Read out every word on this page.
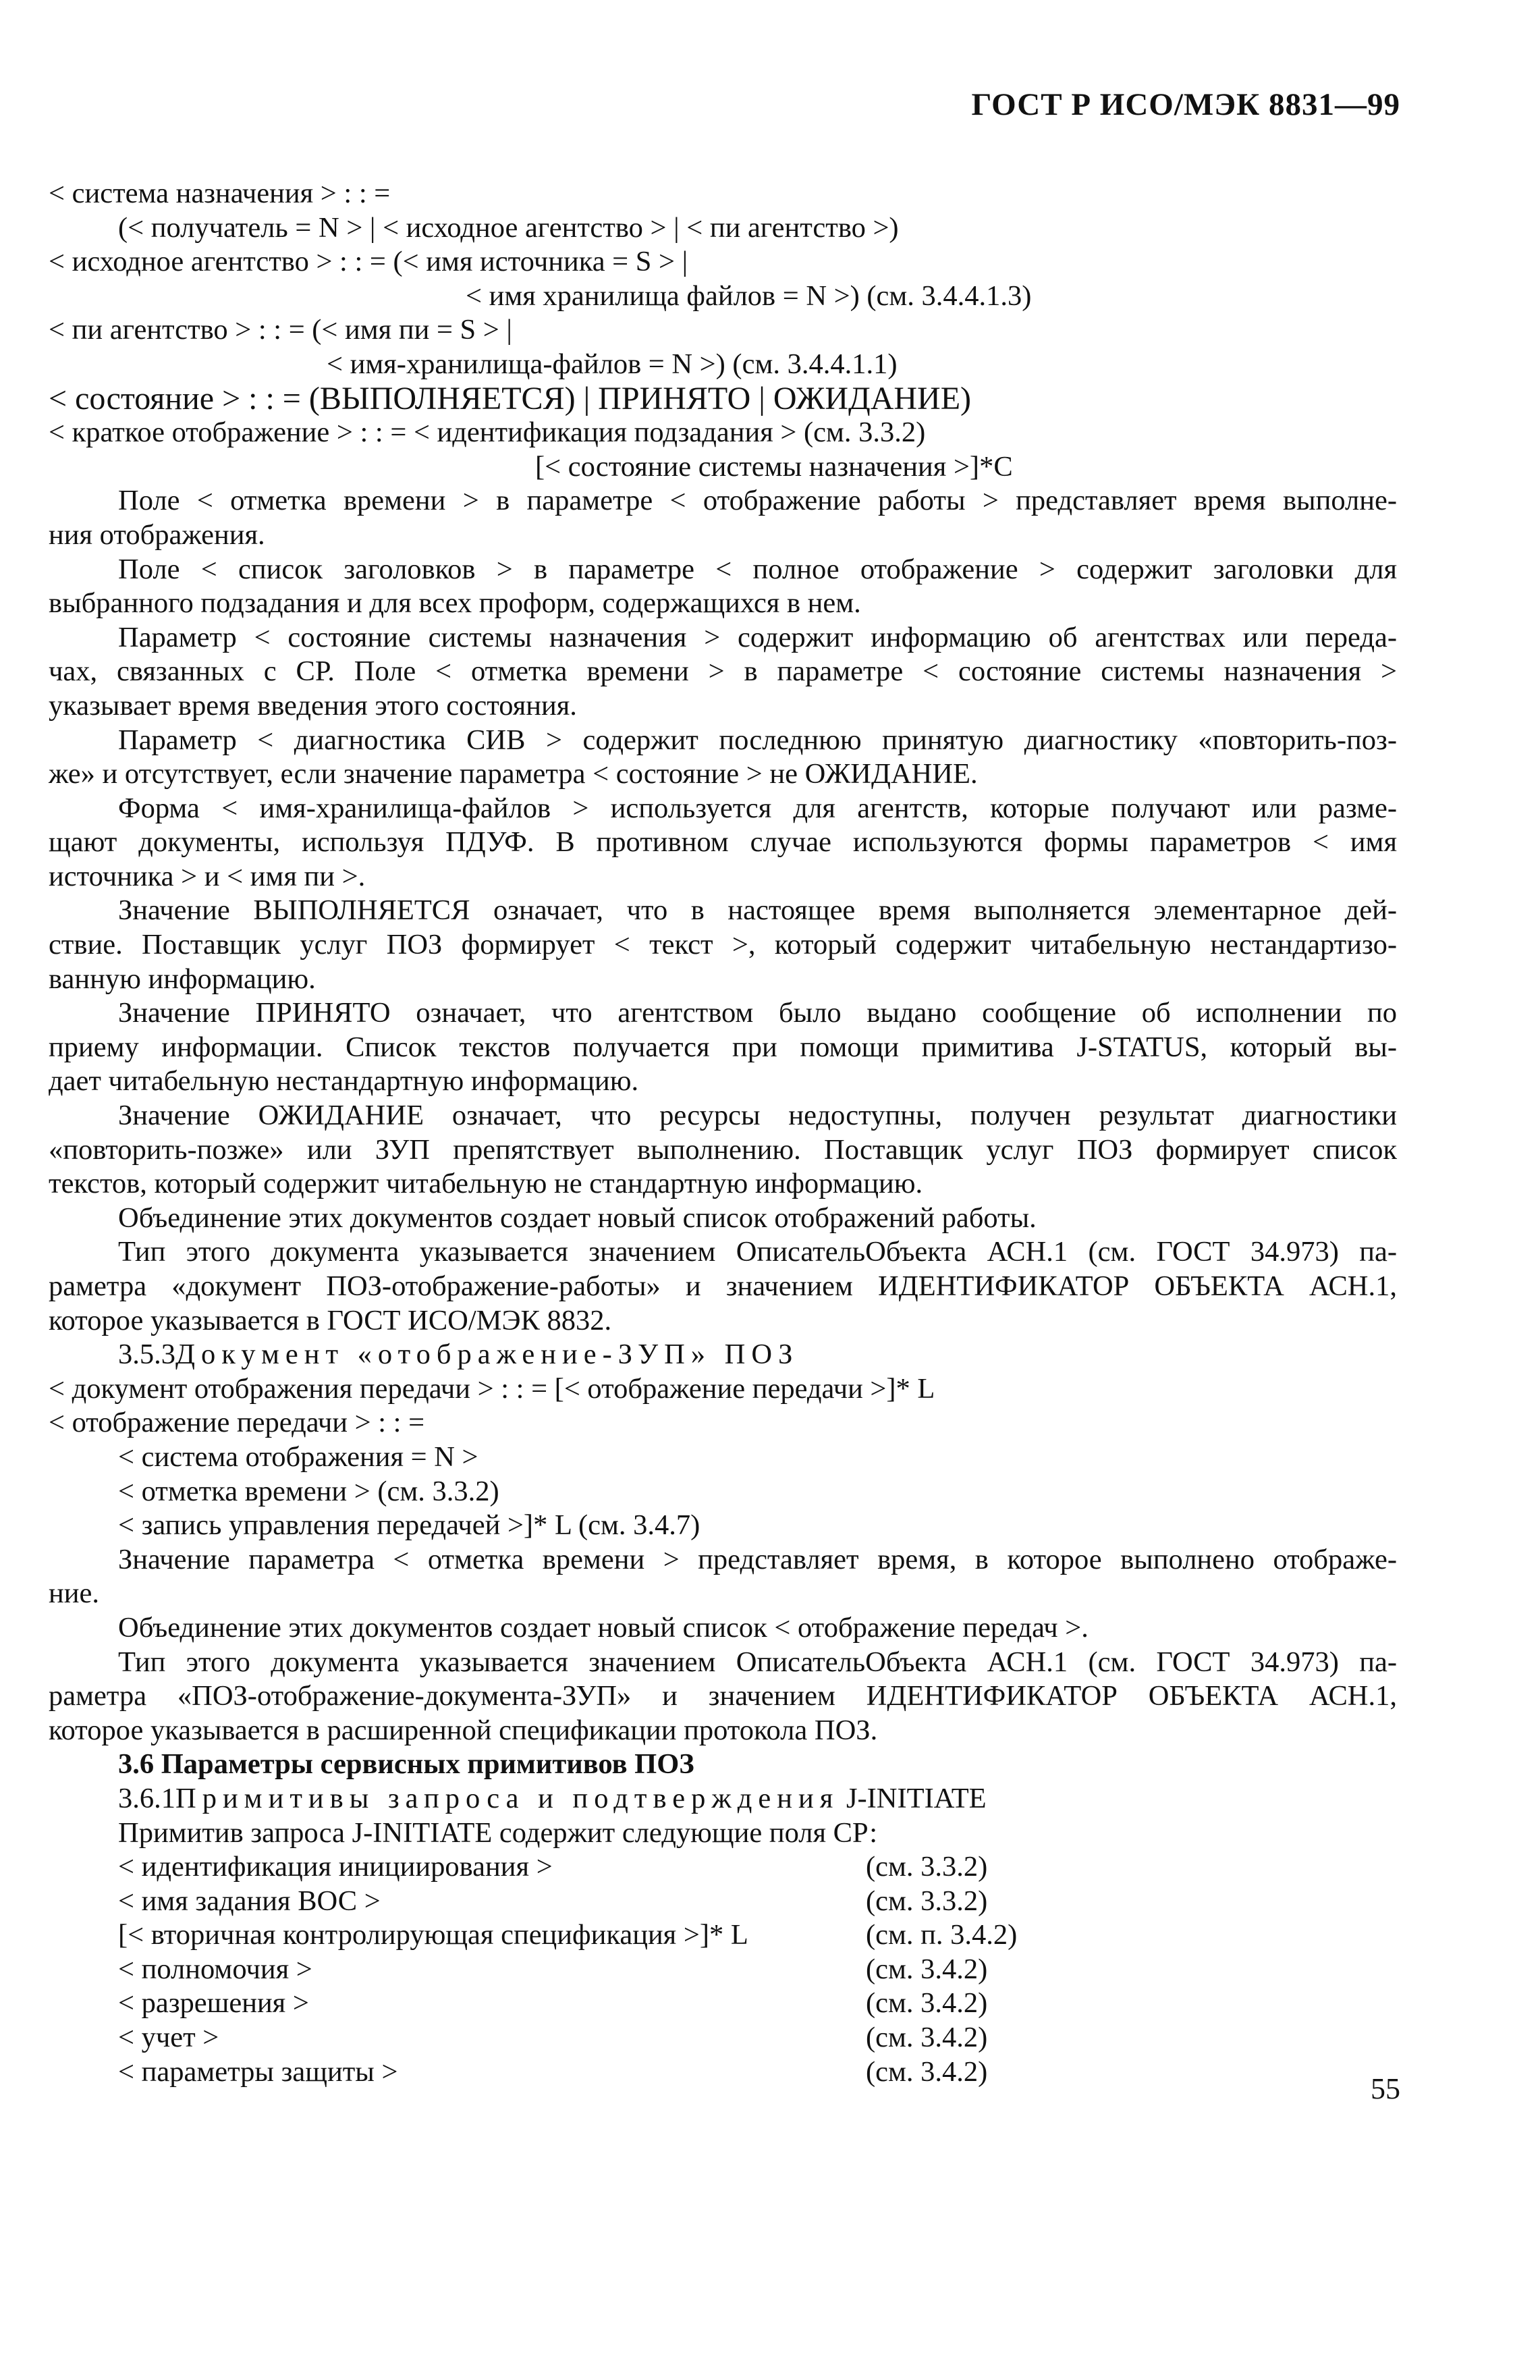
ГОСТ Р ИСО/МЭК 8831—99
< система назначения > : : =
(< получатель = N > | < исходное агентство > | < пи агентство >)
< исходное агентство > : : = (< имя источника = S > |
< имя хранилища файлов = N >) (см. 3.4.4.1.3)
< пи агентство > : : = (< имя пи = S > |
< имя-хранилища-файлов = N >) (см. 3.4.4.1.1)
< состояние > : : = (ВЫПОЛНЯЕТСЯ) | ПРИНЯТО | ОЖИДАНИЕ)
< краткое отображение > : : = < идентификация подзадания > (см. 3.3.2)
[< состояние системы назначения >]*C
Поле < отметка времени > в параметре < отображение работы > представляет время выполне-
ния отображения.
Поле < список заголовков > в параметре < полное отображение > содержит заголовки для
выбранного подзадания и для всех проформ, содержащихся в нем.
Параметр < состояние системы назначения > содержит информацию об агентствах или переда-
чах, связанных с СР. Поле < отметка времени > в параметре < состояние системы назначения >
указывает время введения этого состояния.
Параметр < диагностика СИВ > содержит последнюю принятую диагностику «повторить-поз-
же» и отсутствует, если значение параметра < состояние > не ОЖИДАНИЕ.
Форма < имя-хранилища-файлов > используется для агентств, которые получают или разме-
щают документы, используя ПДУФ. В противном случае используются формы параметров < имя
источника > и < имя пи >.
Значение ВЫПОЛНЯЕТСЯ означает, что в настоящее время выполняется элементарное дей-
ствие. Поставщик услуг ПОЗ формирует < текст >, который содержит читабельную нестандартизо-
ванную информацию.
Значение ПРИНЯТО означает, что агентством было выдано сообщение об исполнении по
приему информации. Список текстов получается при помощи примитива J-STATUS, который вы-
дает читабельную нестандартную информацию.
Значение ОЖИДАНИЕ означает, что ресурсы недоступны, получен результат диагностики
«повторить-позже» или ЗУП препятствует выполнению. Поставщик услуг ПОЗ формирует список
текстов, который содержит читабельную не стандартную информацию.
Объединение этих документов создает новый список отображений работы.
Тип этого документа указывается значением ОписательОбъекта АСН.1 (см. ГОСТ 34.973) па-
раметра «документ ПОЗ-отображение-работы» и значением ИДЕНТИФИКАТОР ОБЪЕКТА АСН.1,
которое указывается в ГОСТ ИСО/МЭК 8832.
3.5.3Документ «отображение-ЗУП» ПОЗ
< документ отображения передачи > : : = [< отображение передачи >]* L
< отображение передачи > : : =
< система отображения = N >
< отметка времени > (см. 3.3.2)
< запись управления передачей >]* L (см. 3.4.7)
Значение параметра < отметка времени > представляет время, в которое выполнено отображе-
ние.
Объединение этих документов создает новый список < отображение передач >.
Тип этого документа указывается значением ОписательОбъекта АСН.1 (см. ГОСТ 34.973) па-
раметра «ПОЗ-отображение-документа-ЗУП» и значением ИДЕНТИФИКАТОР ОБЪЕКТА АСН.1,
которое указывается в расширенной спецификации протокола ПОЗ.
3.6 Параметры сервисных примитивов ПОЗ
3.6.1Примитивы запроса и подтверждения J-INITIATE
Примитив запроса J-INITIATE содержит следующие поля СР:
< идентификация инициирования >	(см. 3.3.2)
< имя задания ВОС >	(см. 3.3.2)
[< вторичная контролирующая спецификация >]* L	(см. п. 3.4.2)
< полномочия >	(см. 3.4.2)
< разрешения >	(см. 3.4.2)
< учет >	(см. 3.4.2)
< параметры защиты >	(см. 3.4.2)
55
